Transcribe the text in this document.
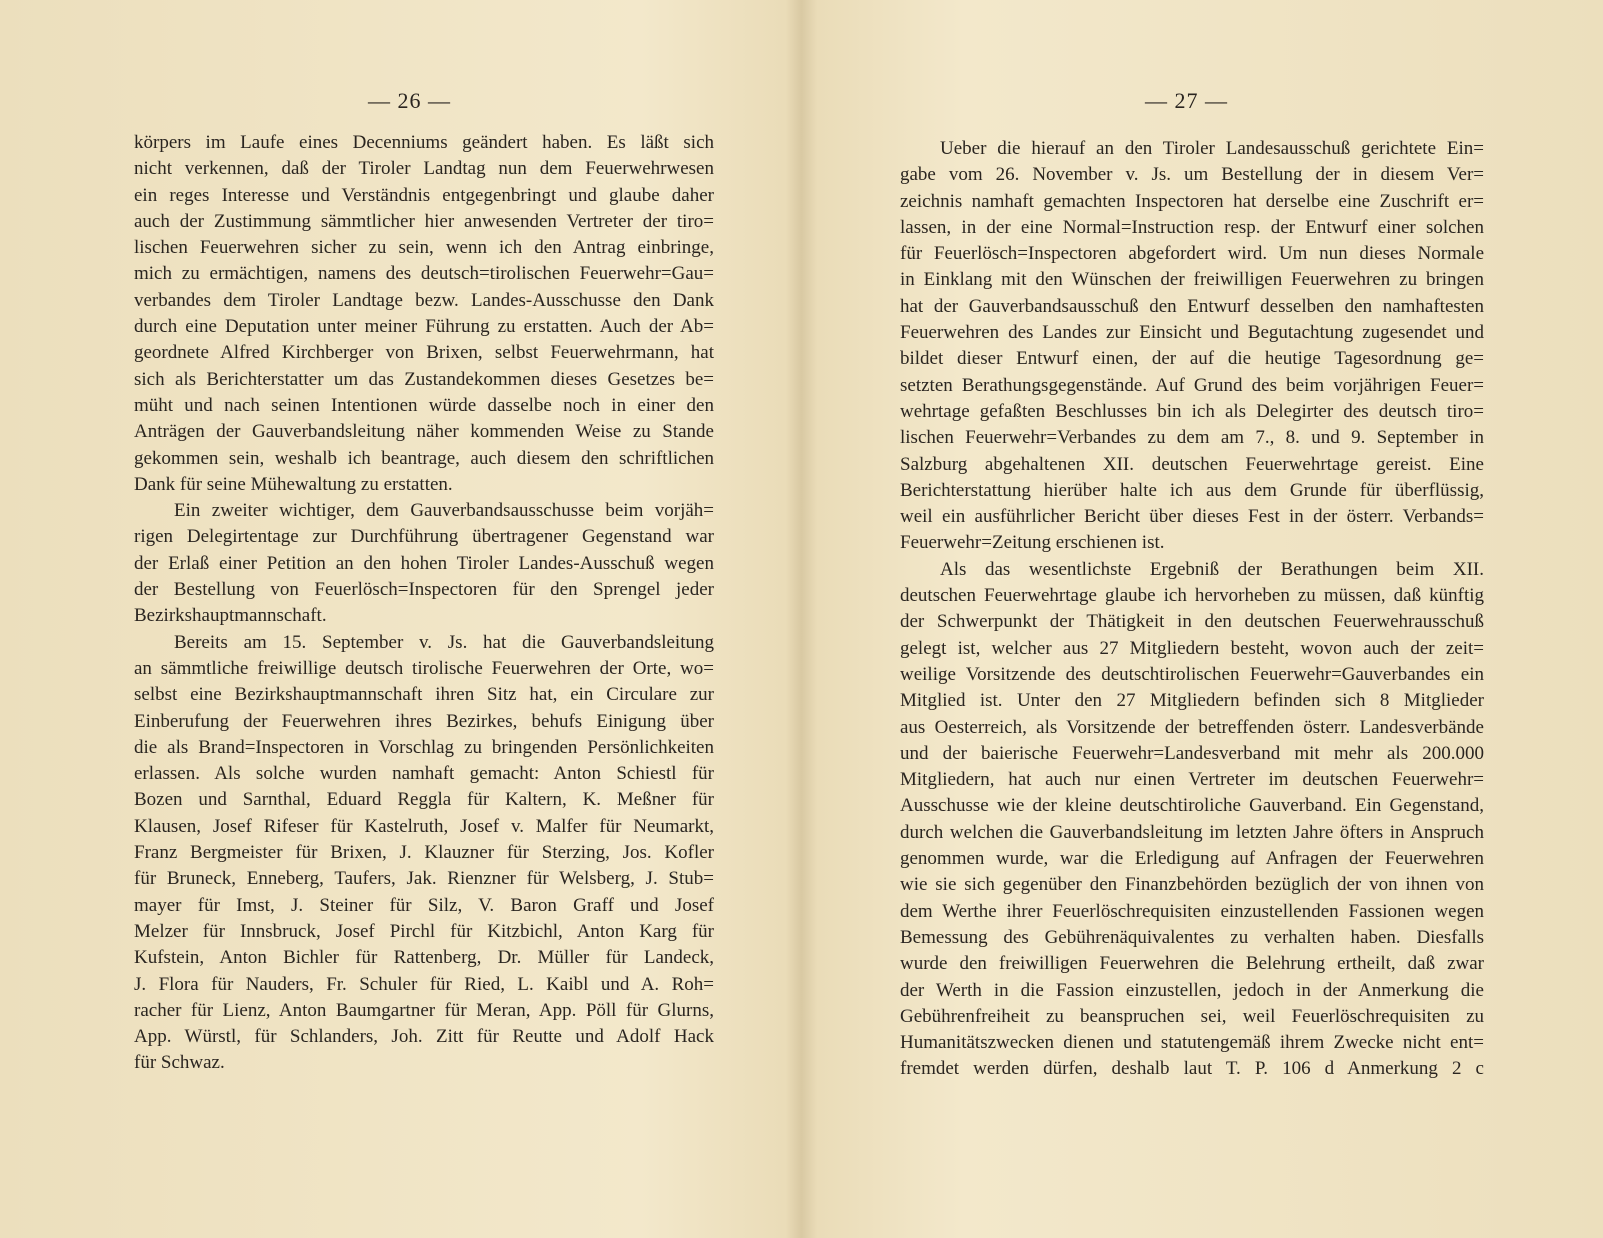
— 26 —
körpers im Laufe eines Decenniums geändert haben. Es läßt sich
nicht verkennen, daß der Tiroler Landtag nun dem Feuerwehrwesen
ein reges Interesse und Verständnis entgegenbringt und glaube daher
auch der Zustimmung sämmtlicher hier anwesenden Vertreter der tiro=
lischen Feuerwehren sicher zu sein, wenn ich den Antrag einbringe,
mich zu ermächtigen, namens des deutsch=tirolischen Feuerwehr=Gau=
verbandes dem Tiroler Landtage bezw. Landes-Ausschusse den Dank
durch eine Deputation unter meiner Führung zu erstatten. Auch der Ab=
geordnete Alfred Kirchberger von Brixen, selbst Feuerwehrmann, hat
sich als Berichterstatter um das Zustandekommen dieses Gesetzes be=
müht und nach seinen Intentionen würde dasselbe noch in einer den
Anträgen der Gauverbandsleitung näher kommenden Weise zu Stande
gekommen sein, weshalb ich beantrage, auch diesem den schriftlichen
Dank für seine Mühewaltung zu erstatten.
Ein zweiter wichtiger, dem Gauverbandsausschusse beim vorjäh=
rigen Delegirtentage zur Durchführung übertragener Gegenstand war
der Erlaß einer Petition an den hohen Tiroler Landes-Ausschuß wegen
der Bestellung von Feuerlösch=Inspectoren für den Sprengel jeder
Bezirkshauptmannschaft.
Bereits am 15. September v. Js. hat die Gauverbandsleitung
an sämmtliche freiwillige deutsch tirolische Feuerwehren der Orte, wo=
selbst eine Bezirkshauptmannschaft ihren Sitz hat, ein Circulare zur
Einberufung der Feuerwehren ihres Bezirkes, behufs Einigung über
die als Brand=Inspectoren in Vorschlag zu bringenden Persönlichkeiten
erlassen. Als solche wurden namhaft gemacht: Anton Schiestl für
Bozen und Sarnthal, Eduard Reggla für Kaltern, K. Meßner für
Klausen, Josef Rifeser für Kastelruth, Josef v. Malfer für Neumarkt,
Franz Bergmeister für Brixen, J. Klauzner für Sterzing, Jos. Kofler
für Bruneck, Enneberg, Taufers, Jak. Rienzner für Welsberg, J. Stub=
mayer für Imst, J. Steiner für Silz, V. Baron Graff und Josef
Melzer für Innsbruck, Josef Pirchl für Kitzbichl, Anton Karg für
Kufstein, Anton Bichler für Rattenberg, Dr. Müller für Landeck,
J. Flora für Nauders, Fr. Schuler für Ried, L. Kaibl und A. Roh=
racher für Lienz, Anton Baumgartner für Meran, App. Pöll für Glurns,
App. Würstl, für Schlanders, Joh. Zitt für Reutte und Adolf Hack
für Schwaz.
— 27 —
Ueber die hierauf an den Tiroler Landesausschuß gerichtete Ein=
gabe vom 26. November v. Js. um Bestellung der in diesem Ver=
zeichnis namhaft gemachten Inspectoren hat derselbe eine Zuschrift er=
lassen, in der eine Normal=Instruction resp. der Entwurf einer solchen
für Feuerlösch=Inspectoren abgefordert wird. Um nun dieses Normale
in Einklang mit den Wünschen der freiwilligen Feuerwehren zu bringen
hat der Gauverbandsausschuß den Entwurf desselben den namhaftesten
Feuerwehren des Landes zur Einsicht und Begutachtung zugesendet und
bildet dieser Entwurf einen, der auf die heutige Tagesordnung ge=
setzten Berathungsgegenstände. Auf Grund des beim vorjährigen Feuer=
wehrtage gefaßten Beschlusses bin ich als Delegirter des deutsch tiro=
lischen Feuerwehr=Verbandes zu dem am 7., 8. und 9. September in
Salzburg abgehaltenen XII. deutschen Feuerwehrtage gereist. Eine
Berichterstattung hierüber halte ich aus dem Grunde für überflüssig,
weil ein ausführlicher Bericht über dieses Fest in der österr. Verbands=
Feuerwehr=Zeitung erschienen ist.
Als das wesentlichste Ergebniß der Berathungen beim XII.
deutschen Feuerwehrtage glaube ich hervorheben zu müssen, daß künftig
der Schwerpunkt der Thätigkeit in den deutschen Feuerwehrausschuß
gelegt ist, welcher aus 27 Mitgliedern besteht, wovon auch der zeit=
weilige Vorsitzende des deutschtirolischen Feuerwehr=Gauverbandes ein
Mitglied ist. Unter den 27 Mitgliedern befinden sich 8 Mitglieder
aus Oesterreich, als Vorsitzende der betreffenden österr. Landesverbände
und der baierische Feuerwehr=Landesverband mit mehr als 200.000
Mitgliedern, hat auch nur einen Vertreter im deutschen Feuerwehr=
Ausschusse wie der kleine deutschtiroliche Gauverband. Ein Gegenstand,
durch welchen die Gauverbandsleitung im letzten Jahre öfters in Anspruch
genommen wurde, war die Erledigung auf Anfragen der Feuerwehren
wie sie sich gegenüber den Finanzbehörden bezüglich der von ihnen von
dem Werthe ihrer Feuerlöschrequisiten einzustellenden Fassionen wegen
Bemessung des Gebührenäquivalentes zu verhalten haben. Diesfalls
wurde den freiwilligen Feuerwehren die Belehrung ertheilt, daß zwar
der Werth in die Fassion einzustellen, jedoch in der Anmerkung die
Gebührenfreiheit zu beanspruchen sei, weil Feuerlöschrequisiten zu
Humanitätszwecken dienen und statutengemäß ihrem Zwecke nicht ent=
fremdet werden dürfen, deshalb laut T. P. 106 d Anmerkung 2 c
